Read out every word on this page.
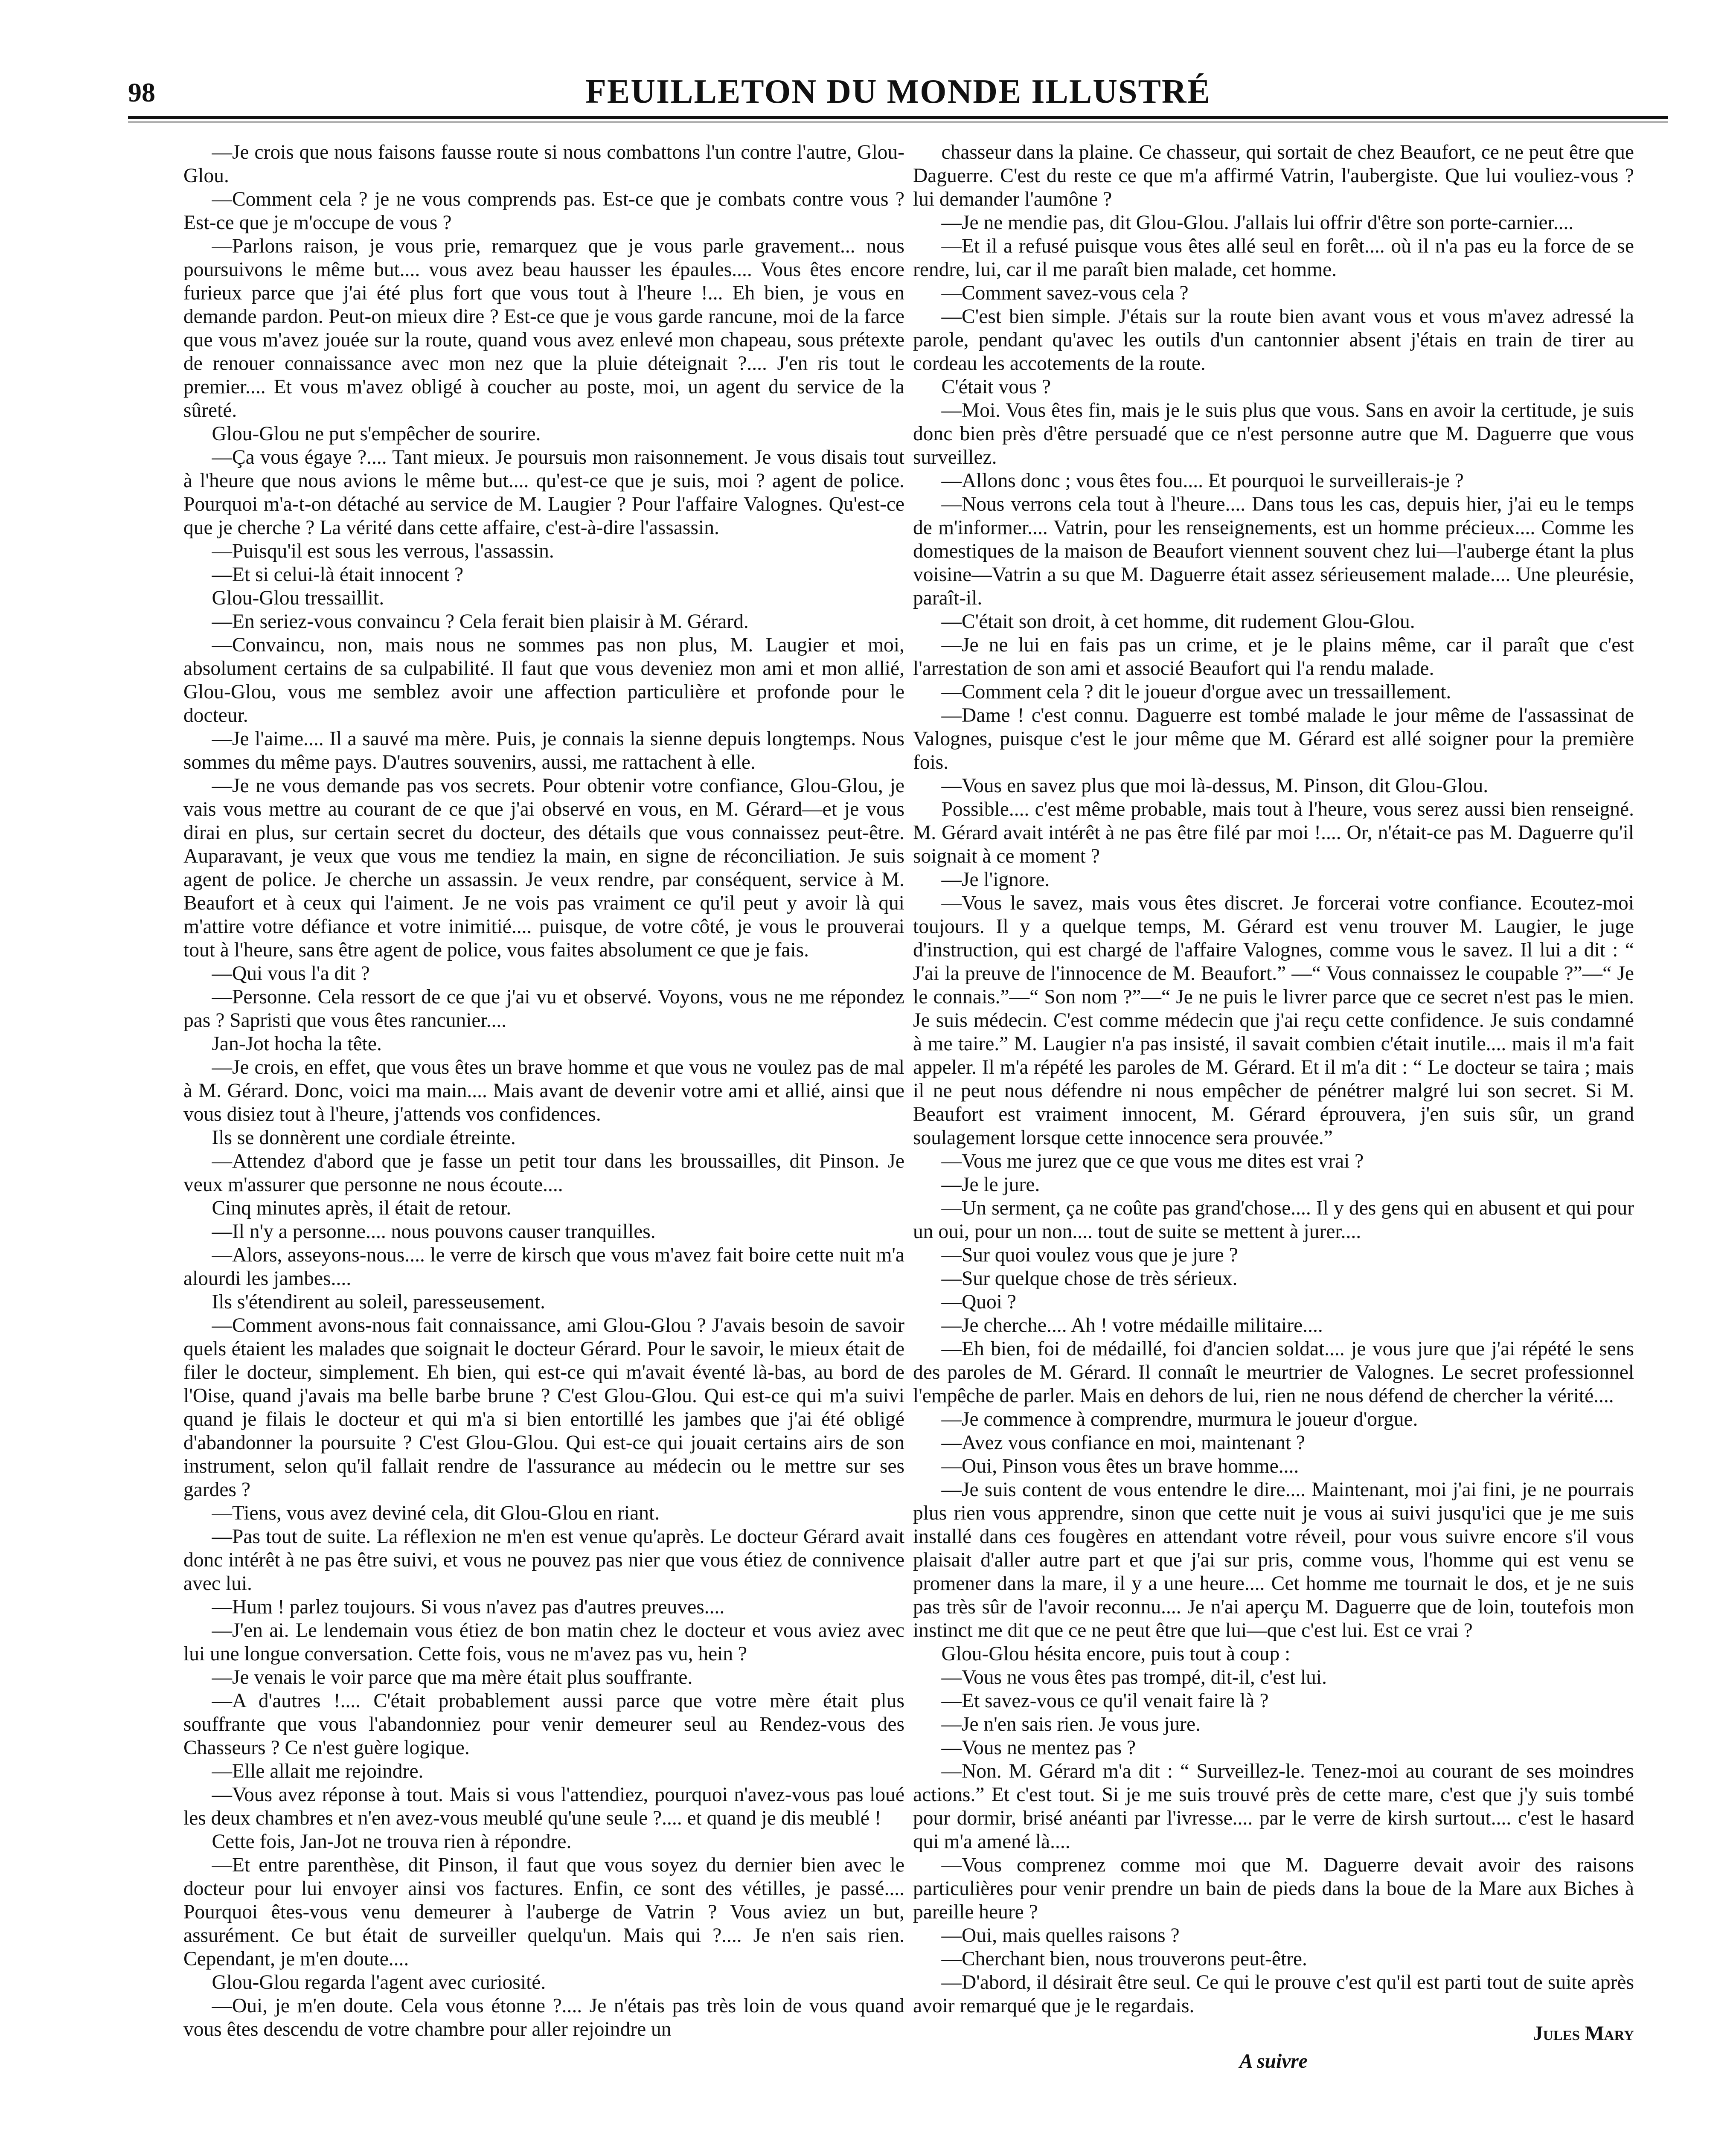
98	FEUILLETON DU MONDE ILLUSTRÉ

—Je crois que nous faisons fausse route si nous combattons l'un contre l'autre, Glou-Glou.

—Comment cela ? je ne vous comprends pas. Est-ce que je combats contre vous ? Est-ce que je m'occupe de vous ?

—Parlons raison, je vous prie, remarquez que je vous parle gravement... nous poursuivons le même but.... vous avez beau hausser les épaules.... Vous êtes encore furieux parce que j'ai été plus fort que vous tout à l'heure !... Eh bien, je vous en demande pardon. Peut-on mieux dire ? Est-ce que je vous garde rancune, moi de la farce que vous m'avez jouée sur la route, quand vous avez enlevé mon chapeau, sous prétexte de renouer connaissance avec mon nez que la pluie déteignait ?.... J'en ris tout le premier.... Et vous m'avez obligé à coucher au poste, moi, un agent du service de la sûreté.

Glou-Glou ne put s'empêcher de sourire.

—Ça vous égaye ?.... Tant mieux. Je poursuis mon raisonnement. Je vous disais tout à l'heure que nous avions le même but.... qu'est-ce que je suis, moi ? agent de police. Pourquoi m'a-t-on détaché au service de M. Laugier ? Pour l'affaire Valognes. Qu'est-ce que je cherche ? La vérité dans cette affaire, c'est-à-dire l'assassin.

—Puisqu'il est sous les verrous, l'assassin.

—Et si celui-là était innocent ?

Glou-Glou tressaillit.

—En seriez-vous convaincu ? Cela ferait bien plaisir à M. Gérard.

—Convaincu, non, mais nous ne sommes pas non plus, M. Laugier et moi, absolument certains de sa culpabilité. Il faut que vous deveniez mon ami et mon allié, Glou-Glou, vous me semblez avoir une affection particulière et profonde pour le docteur.

—Je l'aime.... Il a sauvé ma mère. Puis, je connais la sienne depuis longtemps. Nous sommes du même pays. D'autres souvenirs, aussi, me rattachent à elle.

—Je ne vous demande pas vos secrets. Pour obtenir votre confiance, Glou-Glou, je vais vous mettre au courant de ce que j'ai observé en vous, en M. Gérard—et je vous dirai en plus, sur certain secret du docteur, des détails que vous connaissez peut-être. Auparavant, je veux que vous me tendiez la main, en signe de réconciliation. Je suis agent de police. Je cherche un assassin. Je veux rendre, par conséquent, service à M. Beaufort et à ceux qui l'aiment. Je ne vois pas vraiment ce qu'il peut y avoir là qui m'attire votre défiance et votre inimitié.... puisque, de votre côté, je vous le prouverai tout à l'heure, sans être agent de police, vous faites absolument ce que je fais.

—Qui vous l'a dit ?

—Personne. Cela ressort de ce que j'ai vu et observé. Voyons, vous ne me répondez pas ? Sapristi que vous êtes rancunier....

Jan-Jot hocha la tête.

—Je crois, en effet, que vous êtes un brave homme et que vous ne voulez pas de mal à M. Gérard. Donc, voici ma main.... Mais avant de devenir votre ami et allié, ainsi que vous disiez tout à l'heure, j'attends vos confidences.

Ils se donnèrent une cordiale étreinte.

—Attendez d'abord que je fasse un petit tour dans les broussailles, dit Pinson. Je veux m'assurer que personne ne nous écoute....

Cinq minutes après, il était de retour.

—Il n'y a personne.... nous pouvons causer tranquilles.

—Alors, asseyons-nous.... le verre de kirsch que vous m'avez fait boire cette nuit m'a alourdi les jambes....

Ils s'étendirent au soleil, paresseusement.

—Comment avons-nous fait connaissance, ami Glou-Glou ? J'avais besoin de savoir quels étaient les malades que soignait le docteur Gérard. Pour le savoir, le mieux était de filer le docteur, simplement. Eh bien, qui est-ce qui m'avait éventé là-bas, au bord de l'Oise, quand j'avais ma belle barbe brune ? C'est Glou-Glou. Qui est-ce qui m'a suivi quand je filais le docteur et qui m'a si bien entortillé les jambes que j'ai été obligé d'abandonner la poursuite ? C'est Glou-Glou. Qui est-ce qui jouait certains airs de son instrument, selon qu'il fallait rendre de l'assurance au médecin ou le mettre sur ses gardes ?

—Tiens, vous avez deviné cela, dit Glou-Glou en riant.

—Pas tout de suite. La réflexion ne m'en est venue qu'après. Le docteur Gérard avait donc intérêt à ne pas être suivi, et vous ne pouvez pas nier que vous étiez de connivence avec lui.

—Hum ! parlez toujours. Si vous n'avez pas d'autres preuves....

—J'en ai. Le lendemain vous étiez de bon matin chez le docteur et vous aviez avec lui une longue conversation. Cette fois, vous ne m'avez pas vu, hein ?

—Je venais le voir parce que ma mère était plus souffrante.

—A d'autres !.... C'était probablement aussi parce que votre mère était plus souffrante que vous l'abandonniez pour venir demeurer seul au Rendez-vous des Chasseurs ? Ce n'est guère logique.

—Elle allait me rejoindre.

—Vous avez réponse à tout. Mais si vous l'attendiez, pourquoi n'avez-vous pas loué les deux chambres et n'en avez-vous meublé qu'une seule ?.... et quand je dis meublé !

Cette fois, Jan-Jot ne trouva rien à répondre.

—Et entre parenthèse, dit Pinson, il faut que vous soyez du dernier bien avec le docteur pour lui envoyer ainsi vos factures. Enfin, ce sont des vétilles, je passé.... Pourquoi êtes-vous venu demeurer à l'auberge de Vatrin ? Vous aviez un but, assurément. Ce but était de surveiller quelqu'un. Mais qui ?.... Je n'en sais rien. Cependant, je m'en doute....

Glou-Glou regarda l'agent avec curiosité.

—Oui, je m'en doute. Cela vous étonne ?.... Je n'étais pas très loin de vous quand vous êtes descendu de votre chambre pour aller rejoindre un

chasseur dans la plaine. Ce chasseur, qui sortait de chez Beaufort, ce ne peut être que Daguerre. C'est du reste ce que m'a affirmé Vatrin, l'aubergiste. Que lui vouliez-vous ? lui demander l'aumône ?

—Je ne mendie pas, dit Glou-Glou. J'allais lui offrir d'être son porte-carnier....

—Et il a refusé puisque vous êtes allé seul en forêt.... où il n'a pas eu la force de se rendre, lui, car il me paraît bien malade, cet homme.

—Comment savez-vous cela ?

—C'est bien simple. J'étais sur la route bien avant vous et vous m'avez adressé la parole, pendant qu'avec les outils d'un cantonnier absent j'étais en train de tirer au cordeau les accotements de la route.

C'était vous ?

—Moi. Vous êtes fin, mais je le suis plus que vous. Sans en avoir la certitude, je suis donc bien près d'être persuadé que ce n'est personne autre que M. Daguerre que vous surveillez.

—Allons donc ; vous êtes fou.... Et pourquoi le surveillerais-je ?

—Nous verrons cela tout à l'heure.... Dans tous les cas, depuis hier, j'ai eu le temps de m'informer.... Vatrin, pour les renseignements, est un homme précieux.... Comme les domestiques de la maison de Beaufort viennent souvent chez lui—l'auberge étant la plus voisine—Vatrin a su que M. Daguerre était assez sérieusement malade.... Une pleurésie, paraît-il.

—C'était son droit, à cet homme, dit rudement Glou-Glou.

—Je ne lui en fais pas un crime, et je le plains même, car il paraît que c'est l'arrestation de son ami et associé Beaufort qui l'a rendu malade.

—Comment cela ? dit le joueur d'orgue avec un tressaillement.

—Dame ! c'est connu. Daguerre est tombé malade le jour même de l'assassinat de Valognes, puisque c'est le jour même que M. Gérard est allé soigner pour la première fois.

—Vous en savez plus que moi là-dessus, M. Pinson, dit Glou-Glou.

Possible.... c'est même probable, mais tout à l'heure, vous serez aussi bien renseigné. M. Gérard avait intérêt à ne pas être filé par moi !.... Or, n'était-ce pas M. Daguerre qu'il soignait à ce moment ?

—Je l'ignore.

—Vous le savez, mais vous êtes discret. Je forcerai votre confiance. Ecoutez-moi toujours. Il y a quelque temps, M. Gérard est venu trouver M. Laugier, le juge d'instruction, qui est chargé de l'affaire Valognes, comme vous le savez. Il lui a dit : “ J'ai la preuve de l'innocence de M. Beaufort.” —“ Vous connaissez le coupable ?”—“ Je le connais.”—“ Son nom ?”—“ Je ne puis le livrer parce que ce secret n'est pas le mien. Je suis médecin. C'est comme médecin que j'ai reçu cette confidence. Je suis condamné à me taire.” M. Laugier n'a pas insisté, il savait combien c'était inutile.... mais il m'a fait appeler. Il m'a répété les paroles de M. Gérard. Et il m'a dit : “ Le docteur se taira ; mais il ne peut nous défendre ni nous empêcher de pénétrer malgré lui son secret. Si M. Beaufort est vraiment innocent, M. Gérard éprouvera, j'en suis sûr, un grand soulagement lorsque cette innocence sera prouvée.”

—Vous me jurez que ce que vous me dites est vrai ?

—Je le jure.

—Un serment, ça ne coûte pas grand'chose.... Il y des gens qui en abusent et qui pour un oui, pour un non.... tout de suite se mettent à jurer....

—Sur quoi voulez vous que je jure ?

—Sur quelque chose de très sérieux.

—Quoi ?

—Je cherche.... Ah ! votre médaille militaire....

—Eh bien, foi de médaillé, foi d'ancien soldat.... je vous jure que j'ai répété le sens des paroles de M. Gérard. Il connaît le meurtrier de Valognes. Le secret professionnel l'empêche de parler. Mais en dehors de lui, rien ne nous défend de chercher la vérité....

—Je commence à comprendre, murmura le joueur d'orgue.

—Avez vous confiance en moi, maintenant ?

—Oui, Pinson vous êtes un brave homme....

—Je suis content de vous entendre le dire.... Maintenant, moi j'ai fini, je ne pourrais plus rien vous apprendre, sinon que cette nuit je vous ai suivi jusqu'ici que je me suis installé dans ces fougères en attendant votre réveil, pour vous suivre encore s'il vous plaisait d'aller autre part et que j'ai sur pris, comme vous, l'homme qui est venu se promener dans la mare, il y a une heure.... Cet homme me tournait le dos, et je ne suis pas très sûr de l'avoir reconnu.... Je n'ai aperçu M. Daguerre que de loin, toutefois mon instinct me dit que ce ne peut être que lui—que c'est lui. Est ce vrai ?

Glou-Glou hésita encore, puis tout à coup :

—Vous ne vous êtes pas trompé, dit-il, c'est lui.

—Et savez-vous ce qu'il venait faire là ?

—Je n'en sais rien. Je vous jure.

—Vous ne mentez pas ?

—Non. M. Gérard m'a dit : “ Surveillez-le. Tenez-moi au courant de ses moindres actions.” Et c'est tout. Si je me suis trouvé près de cette mare, c'est que j'y suis tombé pour dormir, brisé anéanti par l'ivresse.... par le verre de kirsh surtout.... c'est le hasard qui m'a amené là....

—Vous comprenez comme moi que M. Daguerre devait avoir des raisons particulières pour venir prendre un bain de pieds dans la boue de la Mare aux Biches à pareille heure ?

—Oui, mais quelles raisons ?

—Cherchant bien, nous trouverons peut-être.

—D'abord, il désirait être seul. Ce qui le prouve c'est qu'il est parti tout de suite après avoir remarqué que je le regardais.

Jules Mary

A suivre
